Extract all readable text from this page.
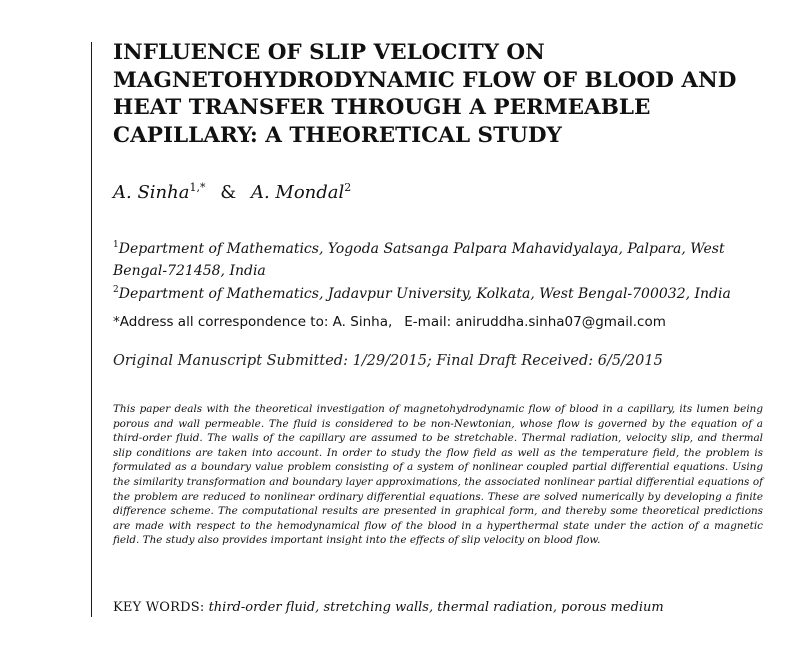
INFLUENCE OF SLIP VELOCITY ON
MAGNETOHYDRODYNAMIC FLOW OF BLOOD AND
HEAT TRANSFER THROUGH A PERMEABLE
CAPILLARY: A THEORETICAL STUDY
A. Sinha$^{1,*}$ & A. Mondal$^2$
$^1$Department of Mathematics, Yogoda Satsanga Palpara Mahavidyalaya, Palpara, West Bengal-721458, India
$^2$Department of Mathematics, Jadavpur University, Kolkata, West Bengal-700032, India
*Address all correspondence to: A. Sinha, E-mail: aniruddha.sinha07@gmail.com
Original Manuscript Submitted: 1/29/2015; Final Draft Received: 6/5/2015

This paper deals with the theoretical investigation of magnetohydrodynamic flow of blood in a capillary, its lumen being porous and wall permeable. The fluid is considered to be non-Newtonian, whose flow is governed by the equation of a third-order fluid. The walls of the capillary are assumed to be stretchable. Thermal radiation, velocity slip, and thermal slip conditions are taken into account. In order to study the flow field as well as the temperature field, the problem is formulated as a boundary value problem consisting of a system of nonlinear coupled partial differential equations. Using the similarity transformation and boundary layer approximations, the associated nonlinear partial differential equations of the problem are reduced to nonlinear ordinary differential equations. These are solved numerically by developing a finite difference scheme. The computational results are presented in graphical form, and thereby some theoretical predictions are made with respect to the hemodynamical flow of the blood in a hyperthermal state under the action of a magnetic field. The study also provides important insight into the effects of slip velocity on blood flow.

KEY WORDS: third-order fluid, stretching walls, thermal radiation, porous medium
